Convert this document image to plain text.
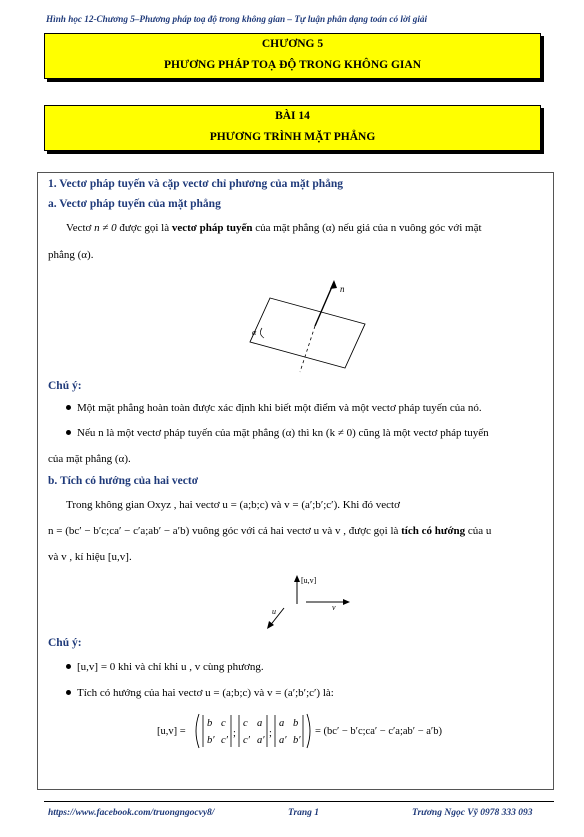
Hình học 12-Chương 5–Phương pháp toạ độ trong không gian – Tự luận phân dạng toán có lời giải
CHƯƠNG 5
PHƯƠNG PHÁP TOẠ ĐỘ TRONG KHÔNG GIAN
BÀI 14
PHƯƠNG TRÌNH MẶT PHẲNG
1. Vectơ pháp tuyến và cặp vectơ chỉ phương của mặt phẳng
a. Vectơ pháp tuyến của mặt phẳng
Vectơ n ≠ 0 được gọi là vectơ pháp tuyến của mặt phẳng (α) nếu giá của n vuông góc với mặt
phẳng (α).
n
α
Chú ý:
Một mặt phẳng hoàn toàn được xác định khi biết một điểm và một vectơ pháp tuyến của nó.
Nếu n là một vectơ pháp tuyến của mặt phẳng (α) thì kn (k ≠ 0) cũng là một vectơ pháp tuyến
của mặt phẳng (α).
b. Tích có hướng của hai vectơ
Trong không gian Oxyz , hai vectơ u = (a;b;c) và v = (a′;b′;c′). Khi đó vectơ
n = (bc′ − b′c;ca′ − c′a;ab′ − a′b) vuông góc với cả hai vectơ u và v , được gọi là tích có hướng của u
và v , kí hiệu [u,v].
[u,v]
v
u
Chú ý:
[u,v] = 0 khi và chỉ khi u , v cùng phương.
Tích có hướng của hai vectơ u = (a;b;c) và v = (a′;b′;c′) là:
[u,v] =
b c
b′ c′
;
c a
c′ a′
;
a b
a′ b′
= (bc′ − b′c;ca′ − c′a;ab′ − a′b)
https://www.facebook.com/truongngocvy8/	Trang 1	Trương Ngọc Vỹ 0978 333 093
